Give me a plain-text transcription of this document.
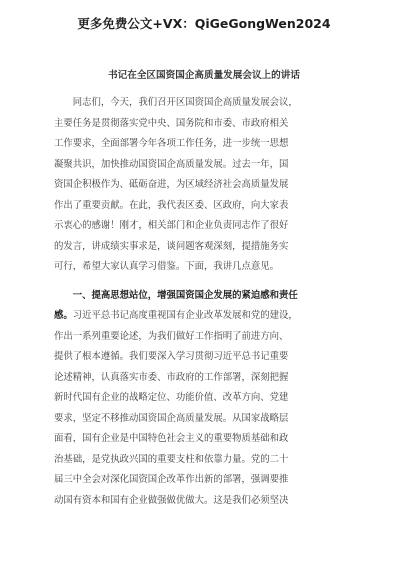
更多免费公文+VX：QiGeGongWen2024
书记在全区国资国企高质量发展会议上的讲话
　　同志们，今天，我们召开区国资国企高质量发展会议，
主要任务是贯彻落实党中央、国务院和市委、市政府相关
工作要求，全面部署今年各项工作任务，进一步统一思想
凝聚共识，加快推动国资国企高质量发展。过去一年，国
资国企积极作为、砥砺奋进，为区域经济社会高质量发展
作出了重要贡献。在此，我代表区委、区政府，向大家表
示衷心的感谢！刚才，相关部门和企业负责同志作了很好
的发言，讲成绩实事求是，谈问题客观深刻，提措施务实
可行，希望大家认真学习借鉴。下面，我讲几点意见。
　　一、提高思想站位，增强国资国企发展的紧迫感和责任
感。习近平总书记高度重视国有企业改革发展和党的建设，
作出一系列重要论述，为我们做好工作指明了前进方向、
提供了根本遵循。我们要深入学习贯彻习近平总书记重要
论述精神，认真落实市委、市政府的工作部署，深刻把握
新时代国有企业的战略定位、功能价值、改革方向、党建
要求，坚定不移推动国资国企高质量发展。从国家战略层
面看，国有企业是中国特色社会主义的重要物质基础和政
治基础，是党执政兴国的重要支柱和依靠力量。党的二十
届三中全会对深化国资国企改革作出新的部署，强调要推
动国有资本和国有企业做强做优做大。这是我们必须坚决
